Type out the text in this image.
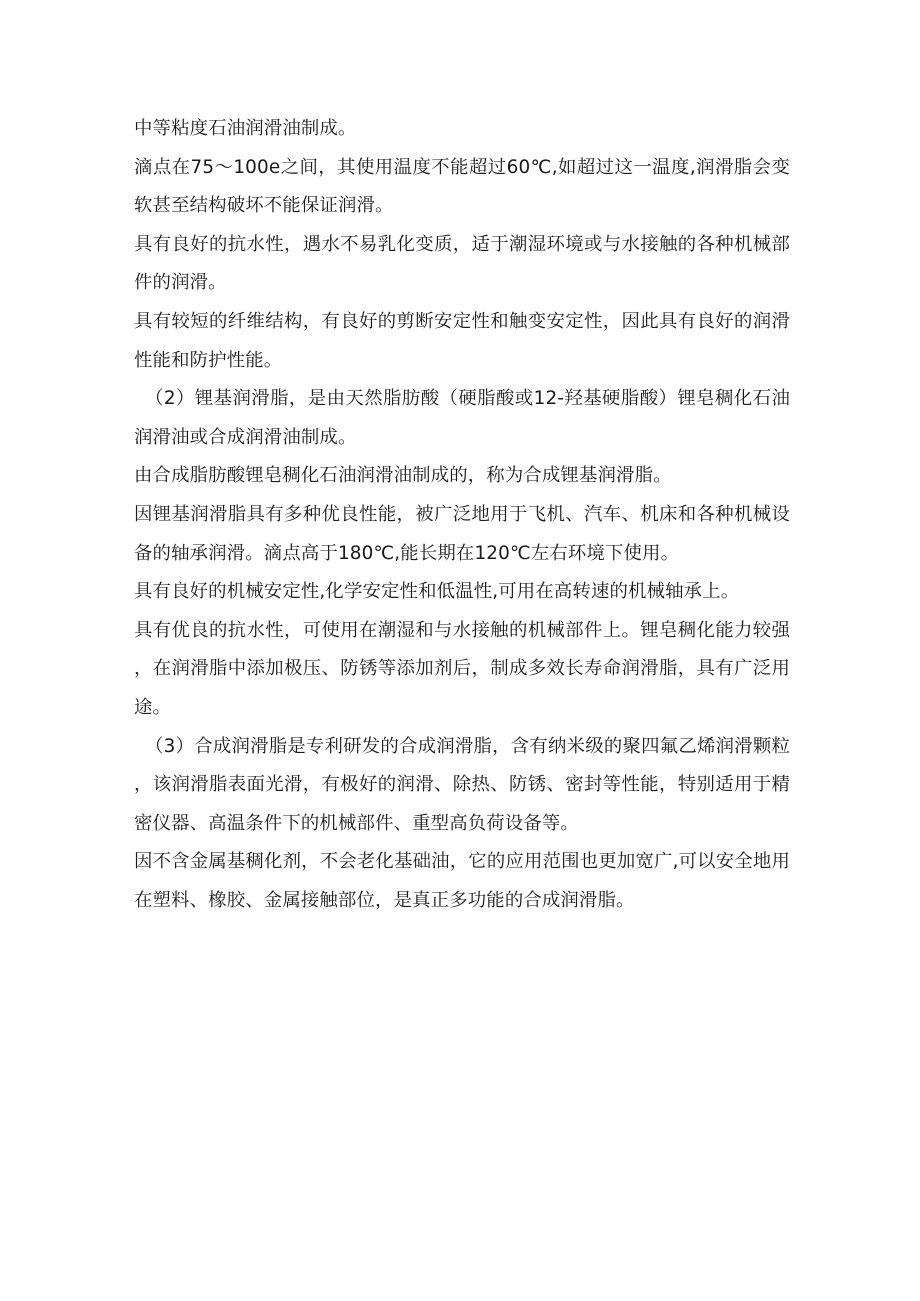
中等粘度石油润滑油制成。

滴点在75～100e之间，其使用温度不能超过60℃,如超过这一温度,润滑脂会变软甚至结构破坏不能保证润滑。

具有良好的抗水性，遇水不易乳化变质，适于潮湿环境或与水接触的各种机械部件的润滑。

具有较短的纤维结构，有良好的剪断安定性和触变安定性，因此具有良好的润滑性能和防护性能。

（2）锂基润滑脂，是由天然脂肪酸（硬脂酸或12-羟基硬脂酸）锂皂稠化石油润滑油或合成润滑油制成。

由合成脂肪酸锂皂稠化石油润滑油制成的，称为合成锂基润滑脂。

因锂基润滑脂具有多种优良性能，被广泛地用于飞机、汽车、机床和各种机械设备的轴承润滑。滴点高于180℃,能长期在120℃左右环境下使用。

具有良好的机械安定性,化学安定性和低温性,可用在高转速的机械轴承上。

具有优良的抗水性，可使用在潮湿和与水接触的机械部件上。锂皂稠化能力较强，在润滑脂中添加极压、防锈等添加剂后，制成多效长寿命润滑脂，具有广泛用途。

（3）合成润滑脂是专利研发的合成润滑脂，含有纳米级的聚四氟乙烯润滑颗粒，该润滑脂表面光滑，有极好的润滑、除热、防锈、密封等性能，特别适用于精密仪器、高温条件下的机械部件、重型高负荷设备等。

因不含金属基稠化剂，不会老化基础油，它的应用范围也更加宽广,可以安全地用在塑料、橡胶、金属接触部位，是真正多功能的合成润滑脂。
